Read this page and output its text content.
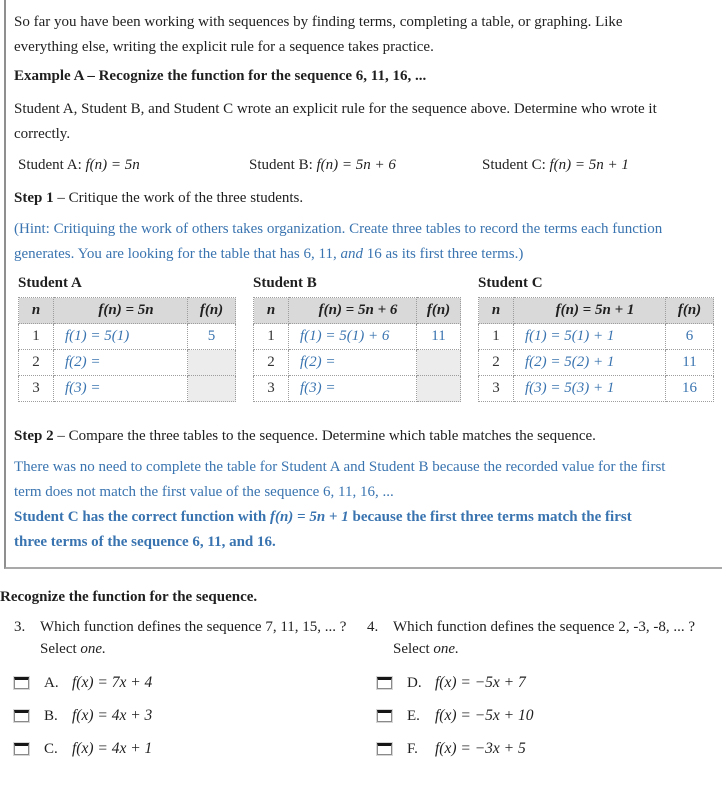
So far you have been working with sequences by finding terms, completing a table, or graphing. Like
everything else, writing the explicit rule for a sequence takes practice.
Example A – Recognize the function for the sequence 6, 11, 16, ...
Student A, Student B, and Student C wrote an explicit rule for the sequence above. Determine who wrote it
correctly.
Student A: f(n) = 5n	Student B: f(n) = 5n + 6	Student C: f(n) = 5n + 1
Step 1 – Critique the work of the three students.
(Hint: Critiquing the work of others takes organization. Create three tables to record the terms each function
generates. You are looking for the table that has 6, 11, and 16 as its first three terms.)
Student A
n	f(n) = 5n	f(n)
1	f(1) = 5(1)	5
2	f(2) =	
3	f(3) =	
Student B
n	f(n) = 5n + 6	f(n)
1	f(1) = 5(1) + 6	11
2	f(2) =	
3	f(3) =	
Student C
n	f(n) = 5n + 1	f(n)
1	f(1) = 5(1) + 1	6
2	f(2) = 5(2) + 1	11
3	f(3) = 5(3) + 1	16
Step 2 – Compare the three tables to the sequence. Determine which table matches the sequence.
There was no need to complete the table for Student A and Student B because the recorded value for the first
term does not match the first value of the sequence 6, 11, 16, ...
Student C has the correct function with f(n) = 5n + 1 because the first three terms match the first
three terms of the sequence 6, 11, and 16.
Recognize the function for the sequence.
3. Which function defines the sequence 7, 11, 15, ... ?
Select one.
4. Which function defines the sequence 2, -3, -8, ... ?
Select one.
A. f(x) = 7x + 4
B. f(x) = 4x + 3
C. f(x) = 4x + 1
D. f(x) = −5x + 7
E. f(x) = −5x + 10
F.	f(x) = −3x + 5
